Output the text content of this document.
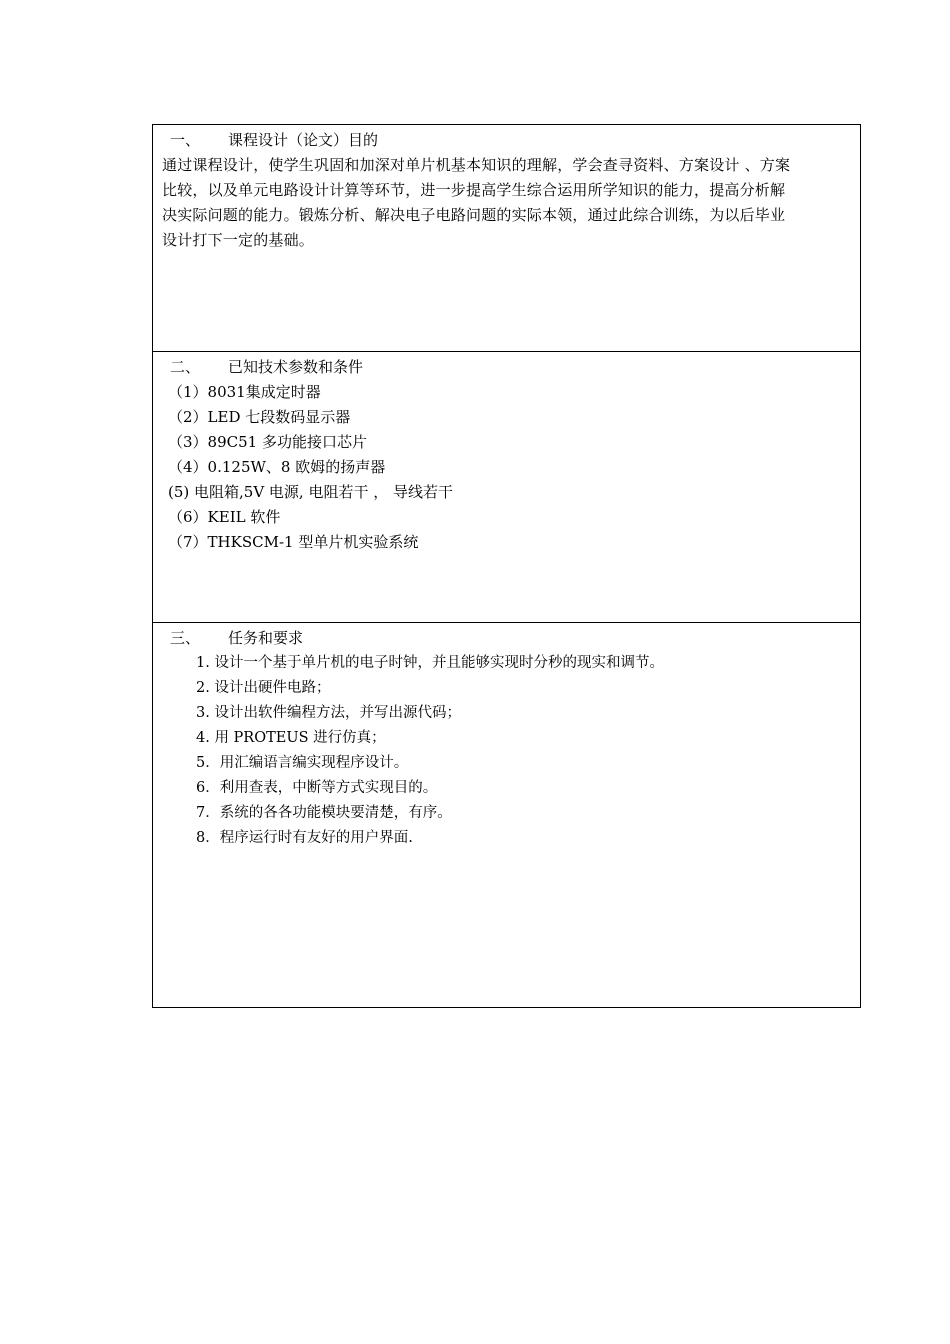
一、 课程设计（论文）目的
通过课程设计，使学生巩固和加深对单片机基本知识的理解，学会查寻资料、方案设计 、方案
比较，以及单元电路设计计算等环节，进一步提高学生综合运用所学知识的能力，提高分析解
决实际问题的能力。锻炼分析、解决电子电路问题的实际本领，通过此综合训练，为以后毕业
设计打下一定的基础。
二、 已知技术参数和条件
（1）8031集成定时器
（2）LED 七段数码显示器
（3）89C51 多功能接口芯片
（4）0.125W、8 欧姆的扬声器
(5) 电阻箱,5V 电源, 电阻若干 ， 导线若干
（6）KEIL 软件
（7）THKSCM-1 型单片机实验系统
三、 任务和要求
1. 设计一个基于单片机的电子时钟，并且能够实现时分秒的现实和调节。
2. 设计出硬件电路；
3. 设计出软件编程方法，并写出源代码；
4. 用 PROTEUS 进行仿真；
5．用汇编语言编实现程序设计。
6．利用查表，中断等方式实现目的。
7．系统的各各功能模块要清楚，有序。
8．程序运行时有友好的用户界面.
